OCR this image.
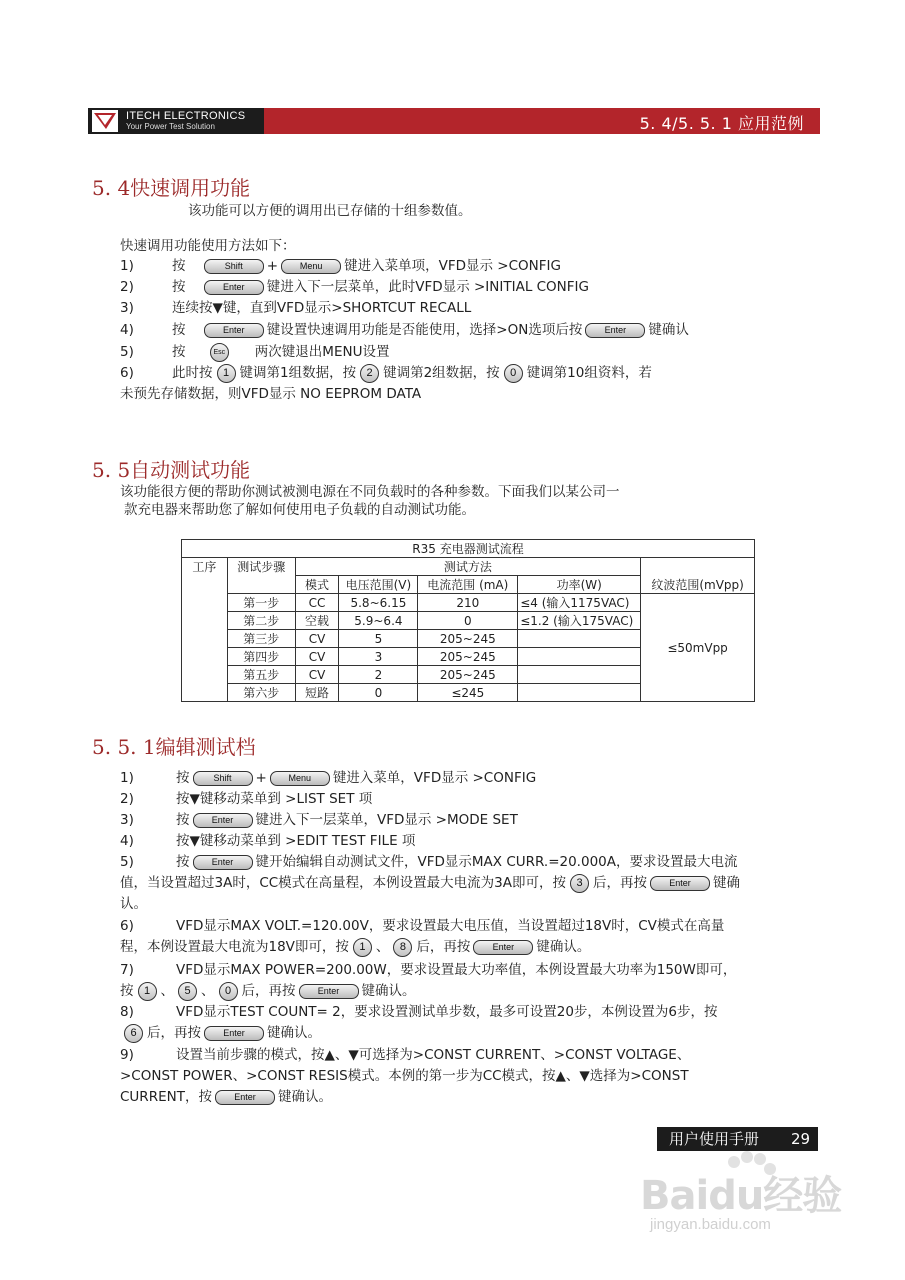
ITECH ELECTRONICS
Your Power Test Solution	5. 4/5. 5. 1 应用范例
5. 4快速调用功能
该功能可以方便的调用出已存储的十组参数值。
快速调用功能使用方法如下：
1)	按	Shift + Menu 键进入菜单项，VFD显示 >CONFIG
2)	按	Enter 键进入下一层菜单，此时VFD显示 >INITIAL CONFIG
3)	连续按▼键，直到VFD显示>SHORTCUT RECALL
4)	按	Enter 键设置快速调用功能是否能使用，选择>ON选项后按 Enter 键确认
5)	按	Esc 两次键退出MENU设置
6)	此时按 1 键调第1组数据，按 2 键调第2组数据，按 0 键调第10组资料，若
未预先存储数据，则VFD显示 NO EEPROM DATA
5. 5自动测试功能
该功能很方便的帮助你测试被测电源在不同负载时的各种参数。下面我们以某公司一
款充电器来帮助您了解如何使用电子负载的自动测试功能。
R35 充电器测试流程						
工序	测试步骤	测试方法				
		模式	电压范围(V)	电流范围 (mA)	功率(W)	纹波范围(mVpp)
	第一步	CC	5.8~6.15	210	≤4 (输入1175VAC)	≤50mVpp
	第二步	空载	5.9~6.4	0	≤1.2 (输入175VAC)	
	第三步	CV	5	205~245		
	第四步	CV	3	205~245		
	第五步	CV	2	205~245		
	第六步	短路	0	≤245		
5. 5. 1编辑测试档
1)	按	Shift + Menu 键进入菜单，VFD显示 >CONFIG
2)	按▼键移动菜单到 >LIST SET 项
3)	按 Enter 键进入下一层菜单，VFD显示 >MODE SET
4)	按▼键移动菜单到 >EDIT TEST FILE 项
5)	按 Enter 键开始编辑自动测试文件，VFD显示MAX CURR.=20.000A，要求设置最大电流值，当设置超过3A时，CC模式在高量程，本例设置最大电流为3A即可，按 3 后，再按 Enter 键确认。
6)	VFD显示MAX VOLT.=120.00V，要求设置最大电压值，当设置超过18V时，CV模式在高量程，本例设置最大电流为18V即可，按 1 、 8 后，再按 Enter 键确认。
7)	VFD显示MAX POWER=200.00W，要求设置最大功率值，本例设置最大功率为150W即可，按 1 、 5 、 0 后，再按 Enter 键确认。
8)	VFD显示TEST COUNT= 2，要求设置测试单步数，最多可设置20步，本例设置为6步，按6 后，再按 Enter 键确认。
9)	设置当前步骤的模式，按▲、▼可选择为>CONST CURRENT、>CONST VOLTAGE、>CONST POWER、>CONST RESIS模式。本例的第一步为CC模式，按▲、▼选择为>CONST CURRENT，按 Enter 键确认。
用户使用手册 29
Baidu经验
jingyan.baidu.com
